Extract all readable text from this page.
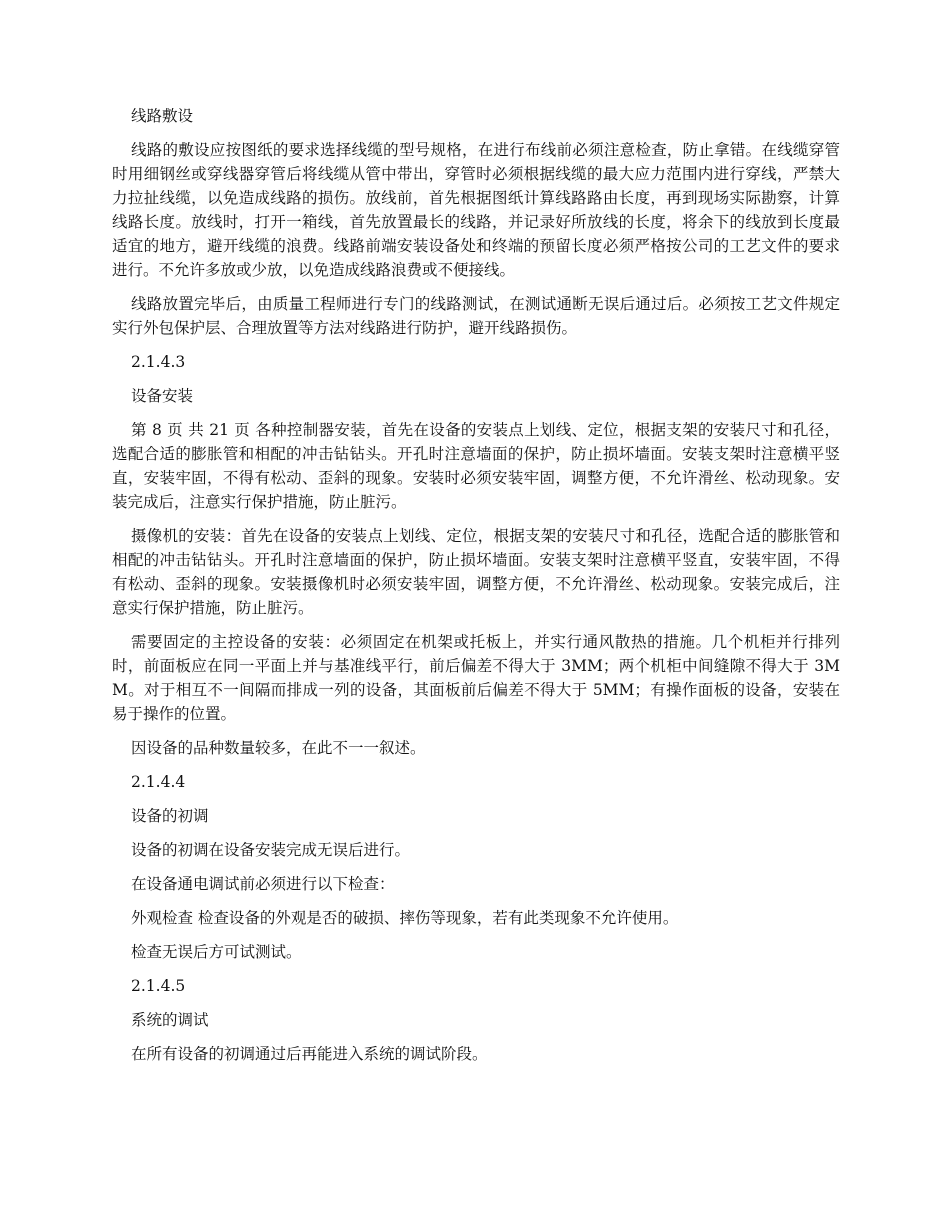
线路敷设

线路的敷设应按图纸的要求选择线缆的型号规格，在进行布线前必须注意检查，防止拿错。在线缆穿管时用细钢丝或穿线器穿管后将线缆从管中带出，穿管时必须根据线缆的最大应力范围内进行穿线，严禁大力拉扯线缆，以免造成线路的损伤。放线前，首先根据图纸计算线路路由长度，再到现场实际勘察，计算线路长度。放线时，打开一箱线，首先放置最长的线路，并记录好所放线的长度，将余下的线放到长度最适宜的地方，避开线缆的浪费。线路前端安装设备处和终端的预留长度必须严格按公司的工艺文件的要求进行。不允许多放或少放，以免造成线路浪费或不便接线。

线路放置完毕后，由质量工程师进行专门的线路测试，在测试通断无误后通过后。必须按工艺文件规定实行外包保护层、合理放置等方法对线路进行防护，避开线路损伤。

2.1.4.3

设备安装

第 8 页 共 21 页 各种控制器安装，首先在设备的安装点上划线、定位，根据支架的安装尺寸和孔径，选配合适的膨胀管和相配的冲击钻钻头。开孔时注意墙面的保护，防止损坏墙面。安装支架时注意横平竖直，安装牢固，不得有松动、歪斜的现象。安装时必须安装牢固，调整方便，不允许滑丝、松动现象。安装完成后，注意实行保护措施，防止脏污。

摄像机的安装：首先在设备的安装点上划线、定位，根据支架的安装尺寸和孔径，选配合适的膨胀管和相配的冲击钻钻头。开孔时注意墙面的保护，防止损坏墙面。安装支架时注意横平竖直，安装牢固，不得有松动、歪斜的现象。安装摄像机时必须安装牢固，调整方便，不允许滑丝、松动现象。安装完成后，注意实行保护措施，防止脏污。

需要固定的主控设备的安装：必须固定在机架或托板上，并实行通风散热的措施。几个机柜并行排列时，前面板应在同一平面上并与基准线平行，前后偏差不得大于 3MM；两个机柜中间缝隙不得大于 3MM。对于相互不一间隔而排成一列的设备，其面板前后偏差不得大于 5MM；有操作面板的设备，安装在易于操作的位置。

因设备的品种数量较多，在此不一一叙述。

2.1.4.4

设备的初调

设备的初调在设备安装完成无误后进行。

在设备通电调试前必须进行以下检查：

外观检查 检查设备的外观是否的破损、摔伤等现象，若有此类现象不允许使用。

检查无误后方可试测试。

2.1.4.5

系统的调试

在所有设备的初调通过后再能进入系统的调试阶段。
